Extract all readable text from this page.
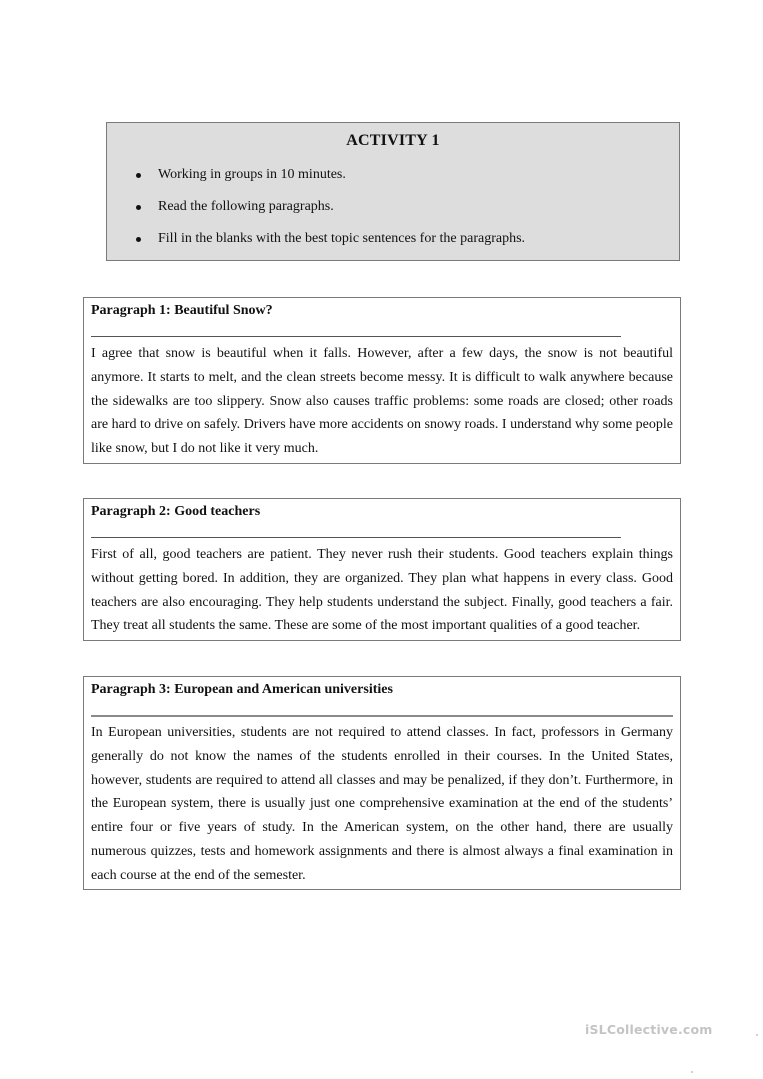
ACTIVITY 1
Working in groups in 10 minutes.
Read the following paragraphs.
Fill in the blanks with the best topic sentences for the paragraphs.
Paragraph 1: Beautiful Snow?

I agree that snow is beautiful when it falls. However, after a few days, the snow is not beautiful anymore. It starts to melt, and the clean streets become messy. It is difficult to walk anywhere because the sidewalks are too slippery. Snow also causes traffic problems: some roads are closed; other roads are hard to drive on safely. Drivers have more accidents on snowy roads. I understand why some people like snow, but I do not like it very much.

Paragraph 2: Good teachers

First of all, good teachers are patient. They never rush their students. Good teachers explain things without getting bored. In addition, they are organized. They plan what happens in every class. Good teachers are also encouraging. They help students understand the subject. Finally, good teachers a fair. They treat all students the same. These are some of the most important qualities of a good teacher.

Paragraph 3: European and American universities

In European universities, students are not required to attend classes. In fact, professors in Germany generally do not know the names of the students enrolled in their courses. In the United States, however, students are required to attend all classes and may be penalized, if they don’t. Furthermore, in the European system, there is usually just one comprehensive examination at the end of the students’ entire four or five years of study. In the American system, on the other hand, there are usually numerous quizzes, tests and homework assignments and there is almost always a final examination in each course at the end of the semester.

iSLCollective.com
